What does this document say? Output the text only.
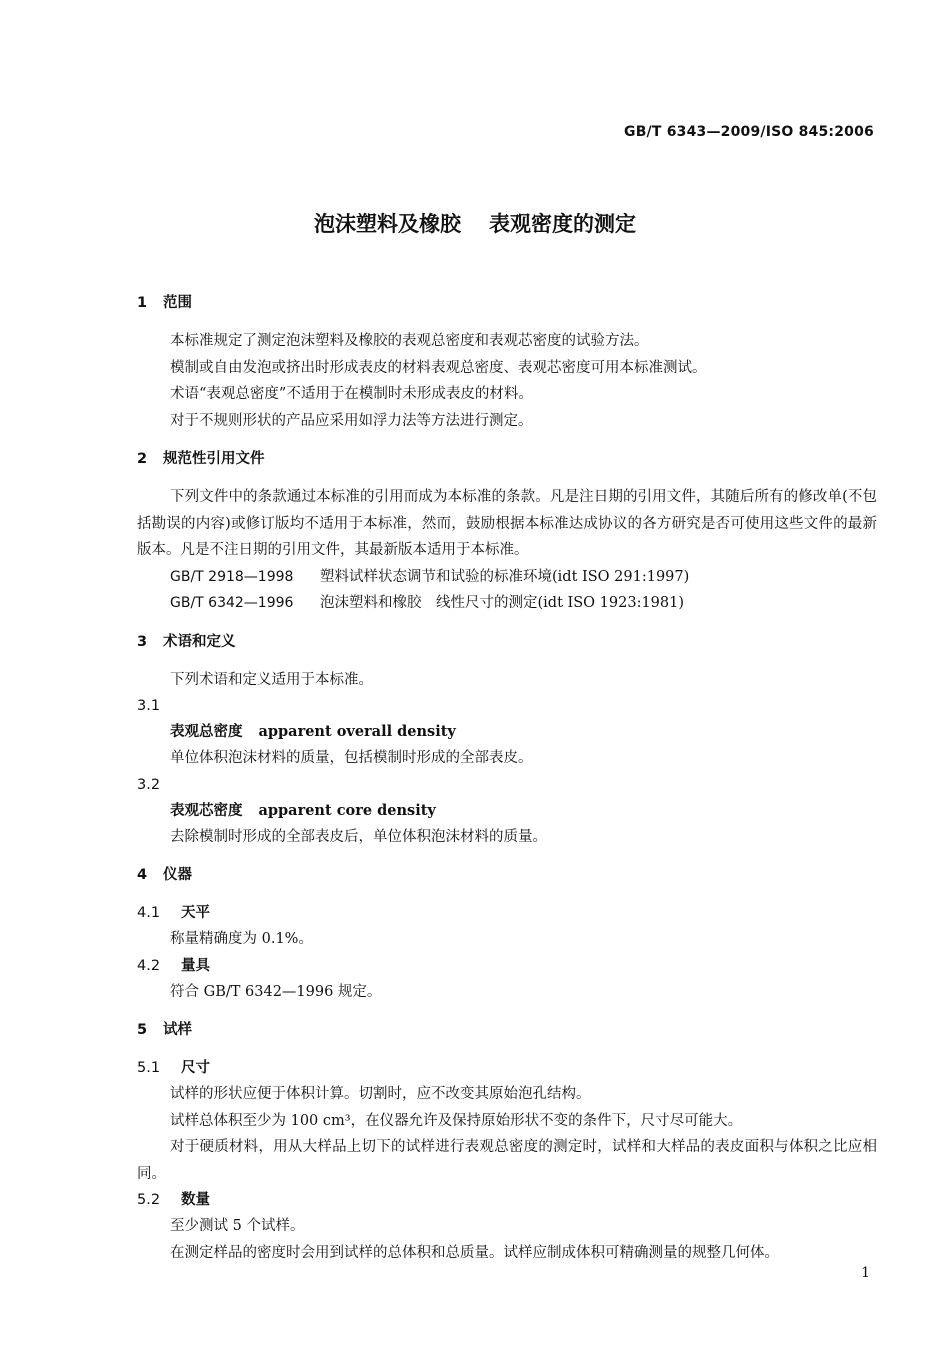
GB/T 6343—2009/ISO 845:2006
泡沫塑料及橡胶 表观密度的测定

1 范围

本标准规定了测定泡沫塑料及橡胶的表观总密度和表观芯密度的试验方法。

模制或自由发泡或挤出时形成表皮的材料表观总密度、表观芯密度可用本标准测试。

术语“表观总密度”不适用于在模制时未形成表皮的材料。

对于不规则形状的产品应采用如浮力法等方法进行测定。

2 规范性引用文件

下列文件中的条款通过本标准的引用而成为本标准的条款。凡是注日期的引用文件，其随后所有的修改单(不包括勘误的内容)或修订版均不适用于本标准，然而，鼓励根据本标准达成协议的各方研究是否可使用这些文件的最新版本。凡是不注日期的引用文件，其最新版本适用于本标准。

GB/T 2918—1998 塑料试样状态调节和试验的标准环境(idt ISO 291:1997)

GB/T 6342—1996 泡沫塑料和橡胶　线性尺寸的测定(idt ISO 1923:1981)

3 术语和定义

下列术语和定义适用于本标准。

3.1

表观总密度 apparent overall density

单位体积泡沫材料的质量，包括模制时形成的全部表皮。

3.2

表观芯密度 apparent core density

去除模制时形成的全部表皮后，单位体积泡沫材料的质量。

4 仪器

4.1 天平

称量精确度为 0.1%。

4.2 量具

符合 GB/T 6342—1996 规定。

5 试样

5.1 尺寸

试样的形状应便于体积计算。切割时，应不改变其原始泡孔结构。

试样总体积至少为 100 cm³，在仪器允许及保持原始形状不变的条件下，尺寸尽可能大。

对于硬质材料，用从大样品上切下的试样进行表观总密度的测定时，试样和大样品的表皮面积与体积之比应相同。

5.2 数量

至少测试 5 个试样。

在测定样品的密度时会用到试样的总体积和总质量。试样应制成体积可精确测量的规整几何体。

1
